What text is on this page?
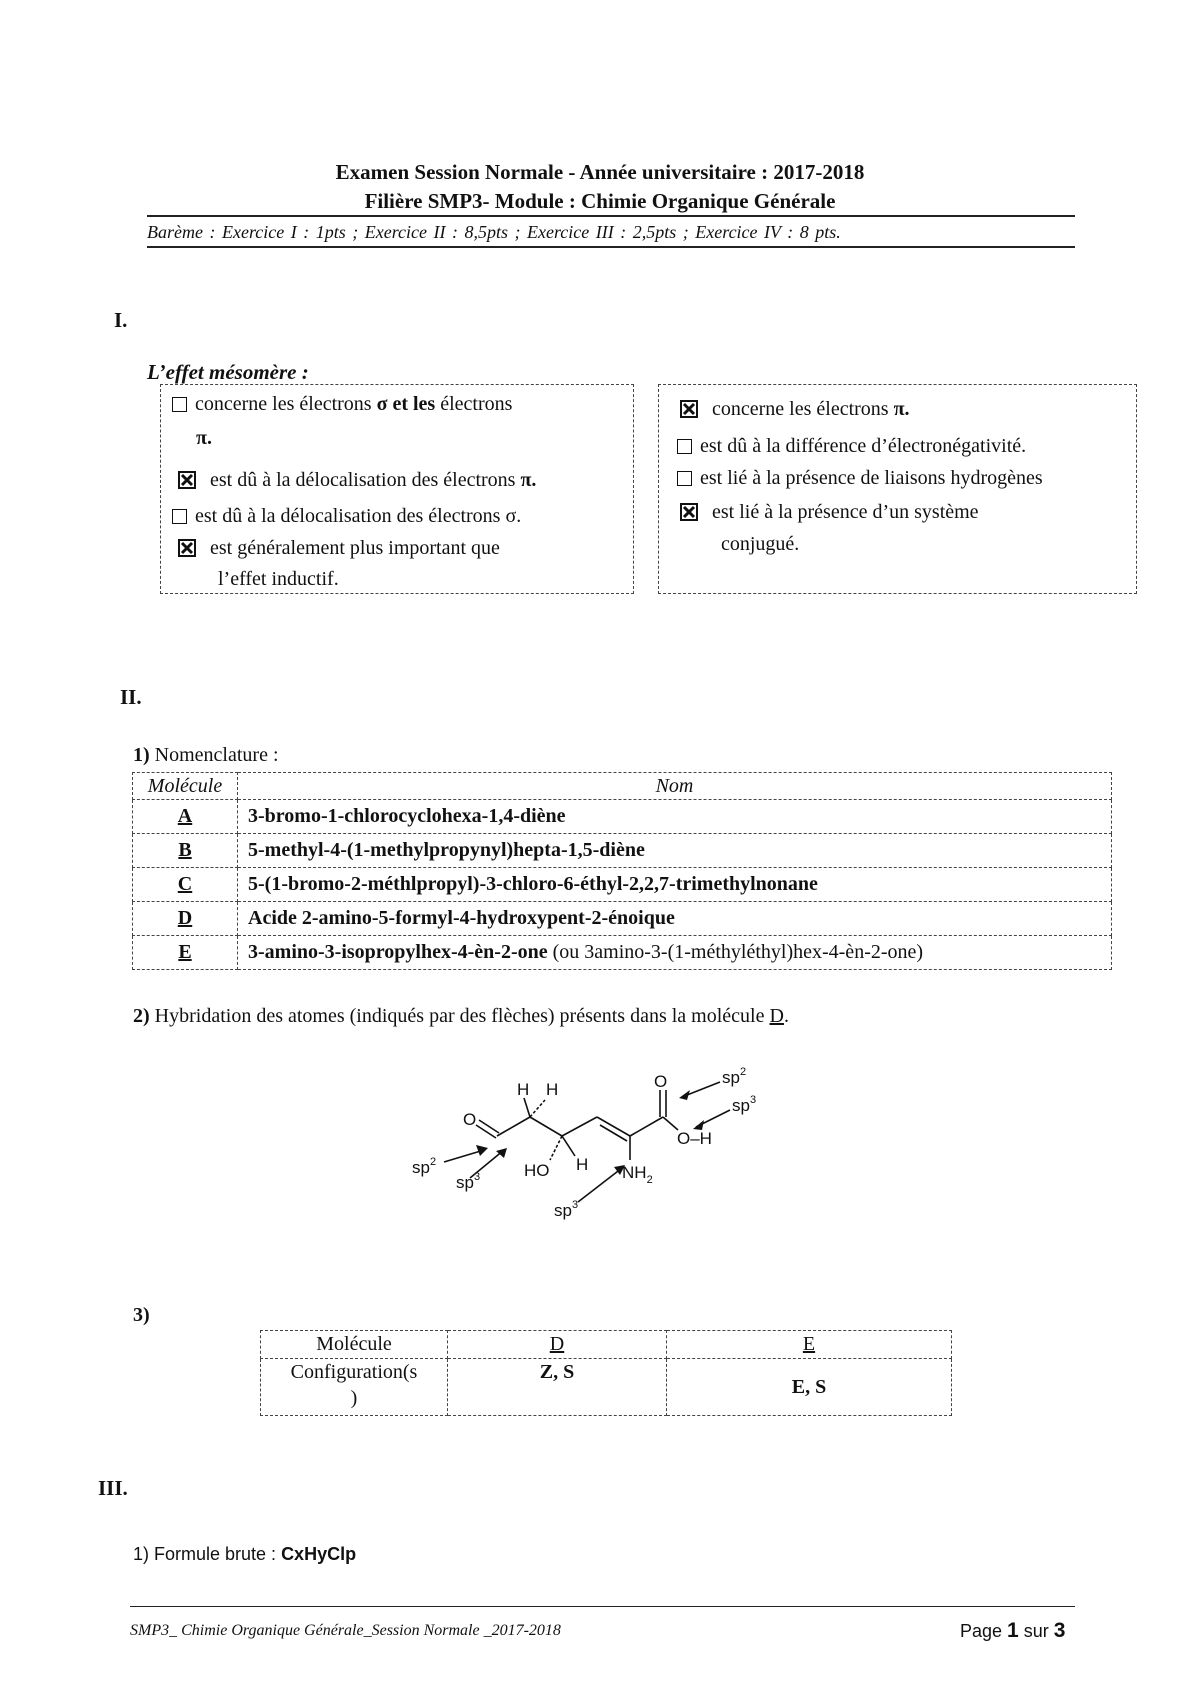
Examen Session Normale - Année universitaire : 2017-2018
Filière SMP3- Module : Chimie Organique Générale
Barème : Exercice I : 1pts ; Exercice II : 8,5pts ; Exercice III : 2,5pts ; Exercice IV : 8 pts.
I.
L’effet mésomère :
concerne les électrons σ et les électrons
π.
est dû à la délocalisation des électrons π.
est dû à la délocalisation des électrons σ.
est généralement plus important que
l’effet inductif.
concerne les électrons π.
est dû à la différence d’électronégativité.
est lié à la présence de liaisons hydrogènes
est lié à la présence d’un système
conjugué.
II.
1) Nomenclature :
Molécule	Nom
A	3-bromo-1-chlorocyclohexa-1,4-diène
B	5-methyl-4-(1-methylpropynyl)hepta-1,5-diène
C	5-(1-bromo-2-méthlpropyl)-3-chloro-6-éthyl-2,2,7-trimethylnonane
D	Acide 2-amino-5-formyl-4-hydroxypent-2-énoique
E	3-amino-3-isopropylhex-4-èn-2-one (ou 3amino-3-(1-méthyléthyl)hex-4-èn-2-one)
2) Hybridation des atomes (indiqués par des flèches) présents dans la molécule D.
O	$sp^2$
$sp^3$
O–H
O
H H
H
HO	$NH_2$
$sp^2$
$sp^3$
$sp^3$
3)
Molécule	D	E
Configuration(s
)	Z, S	E, S
III.
1) Formule brute : CxHyClp
SMP3_ Chimie Organique Générale_Session Normale _2017-2018	Page 1 sur 3
